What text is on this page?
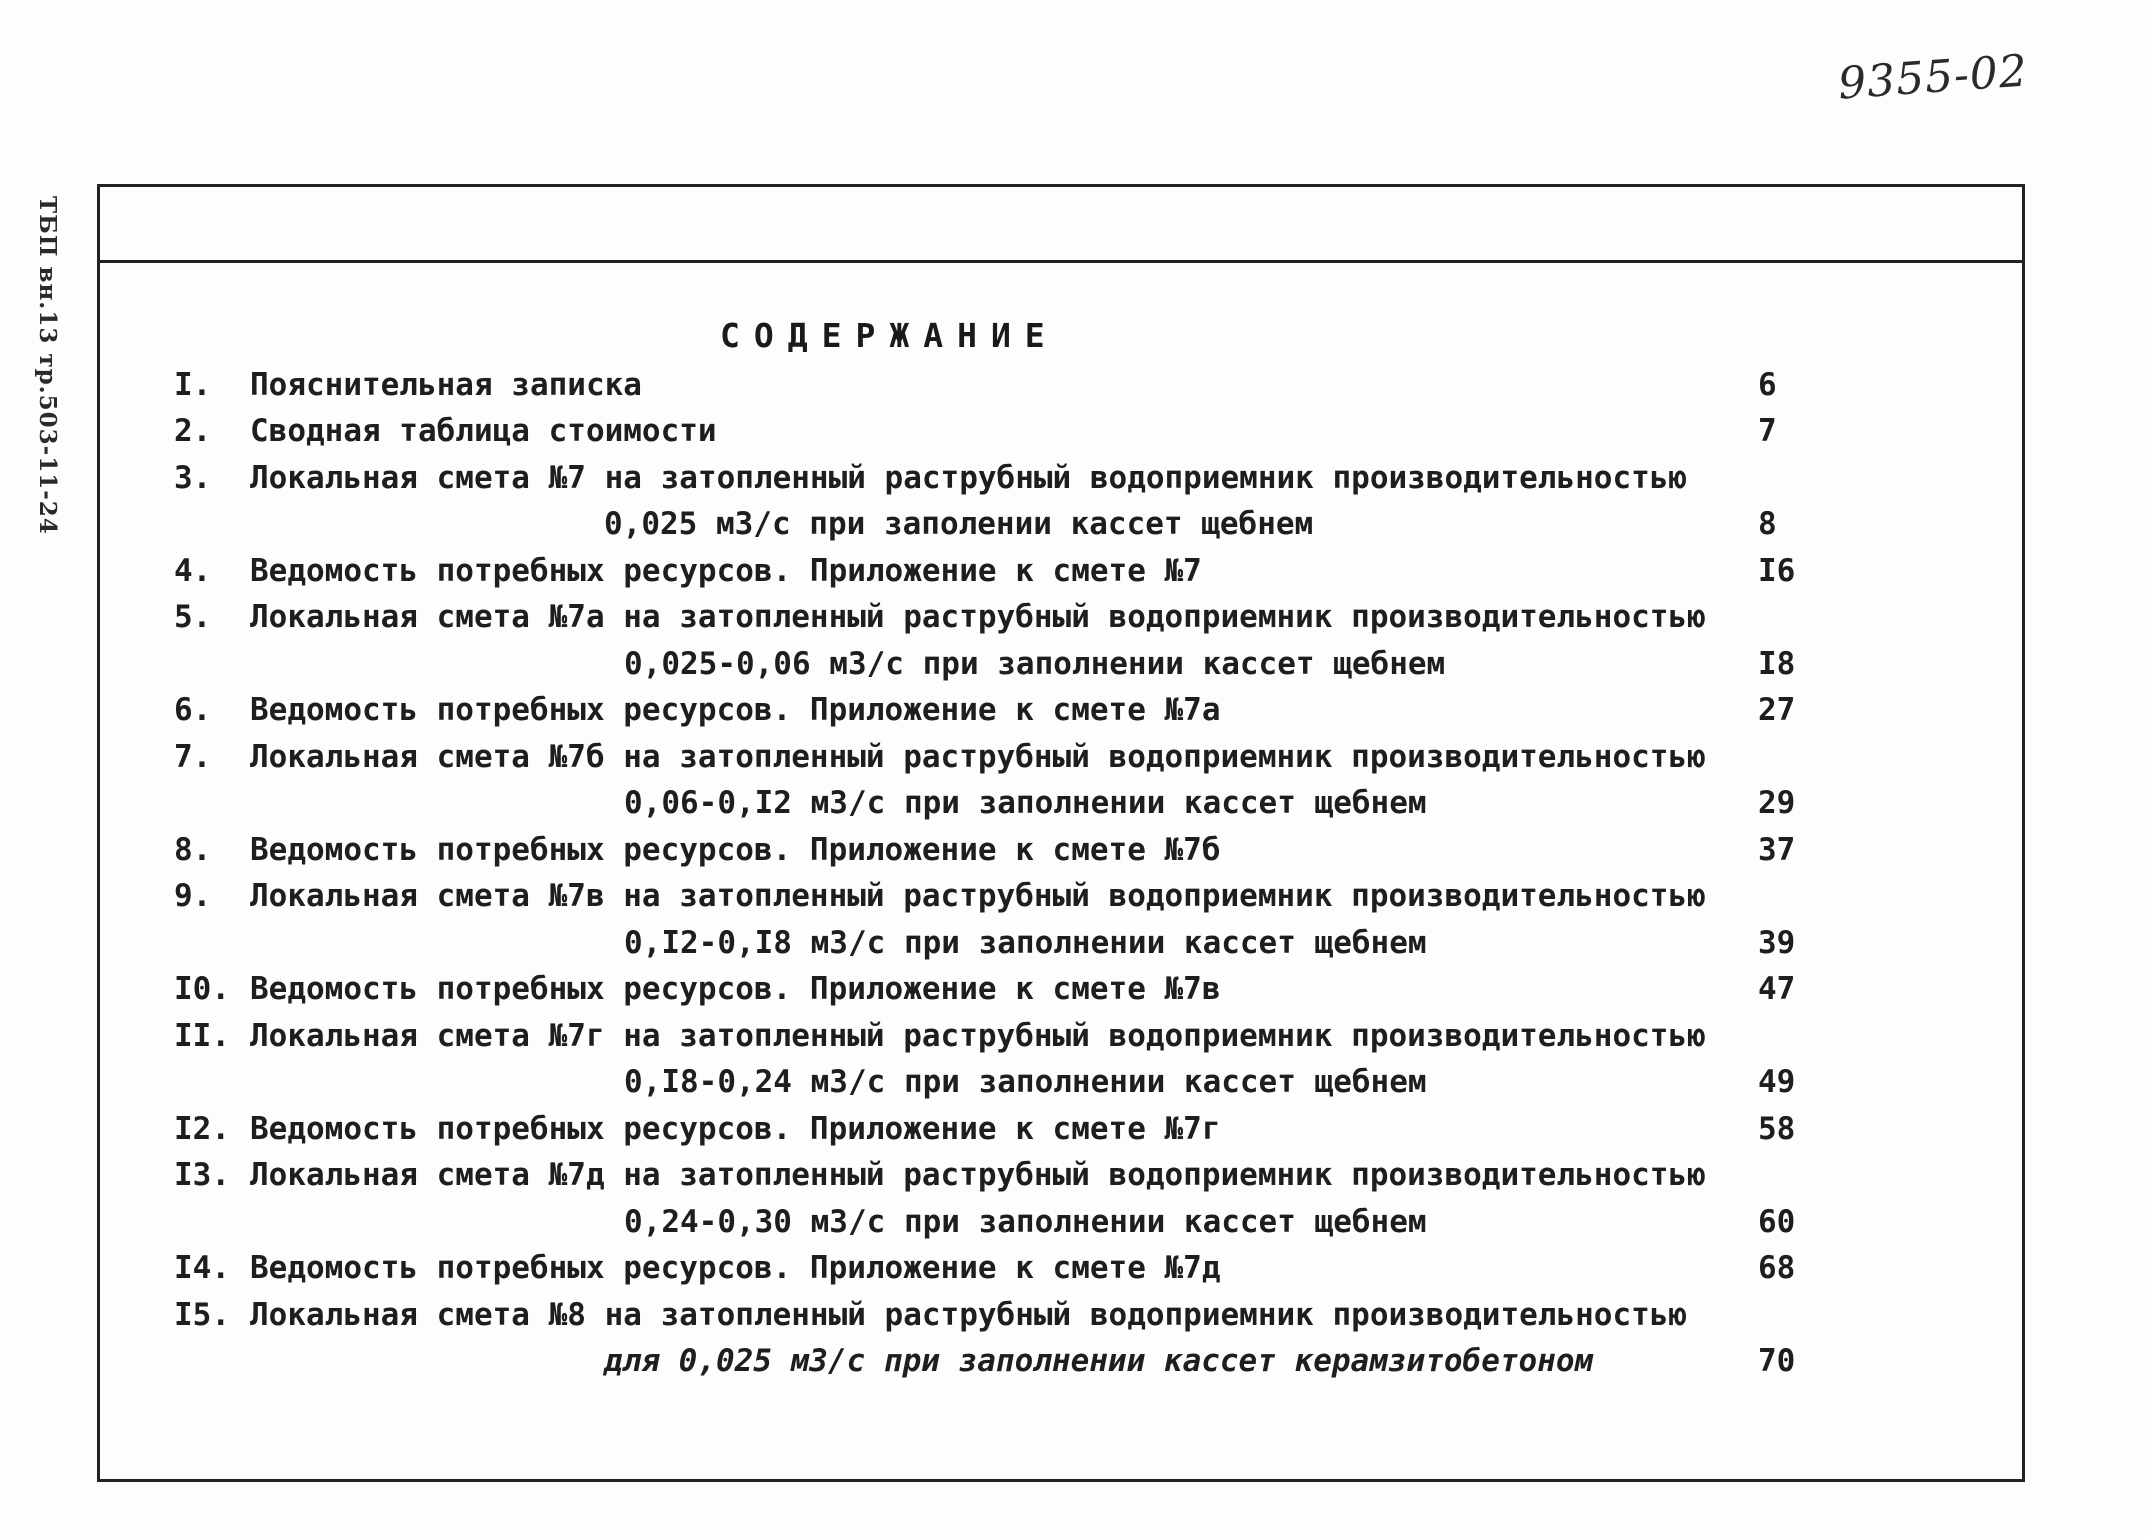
9355-02
ТБП вн.13 тр.503-11-24	СОДЕРЖАНИЕ
I. Пояснительная записка	6
2. Сводная таблица стоимости	7
3. Локальная смета №7 на затопленный раструбный водоприемник производительностью
0,025 м3/с при заполении кассет щебнем	8
4. Ведомость потребных ресурсов. Приложение к смете №7	I6
5. Локальная смета №7а на затопленный раструбный водоприемник производительностью
0,025-0,06 м3/с при заполнении кассет щебнем	I8
6. Ведомость потребных ресурсов. Приложение к смете №7а	27
7. Локальная смета №7б на затопленный раструбный водоприемник производительностью
0,06-0,I2 м3/с при заполнении кассет щебнем	29
8. Ведомость потребных ресурсов. Приложение к смете №7б	37
9. Локальная смета №7в на затопленный раструбный водоприемник производительностью
0,I2-0,I8 м3/с при заполнении кассет щебнем	39
I0. Ведомость потребных ресурсов. Приложение к смете №7в	47
II. Локальная смета №7г на затопленный раструбный водоприемник производительностью
0,I8-0,24 м3/с при заполнении кассет щебнем	49
I2. Ведомость потребных ресурсов. Приложение к смете №7г	58
I3. Локальная смета №7д на затопленный раструбный водоприемник производительностью
0,24-0,30 м3/с при заполнении кассет щебнем	60
I4. Ведомость потребных ресурсов. Приложение к смете №7д	68
I5. Локальная смета №8 на затопленный раструбный водоприемник производительностью
для 0,025 м3/с при заполнении кассет керамзитобетоном	70
